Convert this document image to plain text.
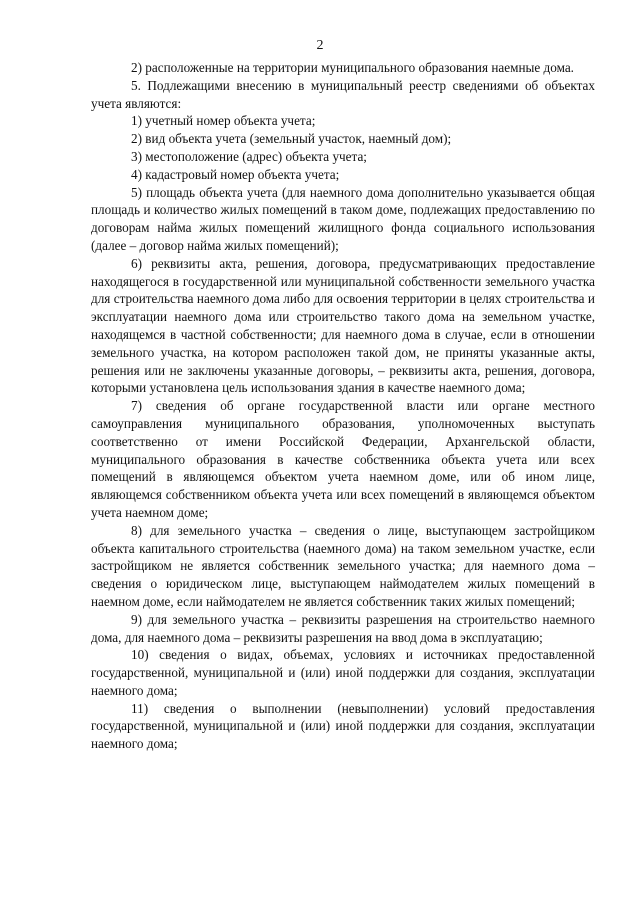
2

2) расположенные на территории муниципального образования наемные дома.

5. Подлежащими внесению в муниципальный реестр сведениями об объектах учета являются:

1) учетный номер объекта учета;

2) вид объекта учета (земельный участок, наемный дом);

3) местоположение (адрес) объекта учета;

4) кадастровый номер объекта учета;

5) площадь объекта учета (для наемного дома дополнительно указывается общая площадь и количество жилых помещений в таком доме, подлежащих предоставлению по договорам найма жилых помещений жилищного фонда социального использования (далее – договор найма жилых помещений);

6) реквизиты акта, решения, договора, предусматривающих предоставление находящегося в государственной или муниципальной собственности земельного участка для строительства наемного дома либо для освоения территории в целях строительства и эксплуатации наемного дома или строительство такого дома на земельном участке, находящемся в частной собственности; для наемного дома в случае, если в отношении земельного участка, на котором расположен такой дом, не приняты указанные акты, решения или не заключены указанные договоры, – реквизиты акта, решения, договора, которыми установлена цель использования здания в качестве наемного дома;

7) сведения об органе государственной власти или органе местного самоуправления муниципального образования, уполномоченных выступать соответственно от имени Российской Федерации, Архангельской области, муниципального образования в качестве собственника объекта учета или всех помещений в являющемся объектом учета наемном доме, или об ином лице, являющемся собственником объекта учета или всех помещений в являющемся объектом учета наемном доме;

8) для земельного участка – сведения о лице, выступающем застройщиком объекта капитального строительства (наемного дома) на таком земельном участке, если застройщиком не является собственник земельного участка; для наемного дома – сведения о юридическом лице, выступающем наймодателем жилых помещений в наемном доме, если наймодателем не является собственник таких жилых помещений;

9) для земельного участка – реквизиты разрешения на строительство наемного дома, для наемного дома – реквизиты разрешения на ввод дома в эксплуатацию;

10) сведения о видах, объемах, условиях и источниках предоставленной государственной, муниципальной и (или) иной поддержки для создания, эксплуатации наемного дома;

11) сведения о выполнении (невыполнении) условий предоставления государственной, муниципальной и (или) иной поддержки для создания, эксплуатации наемного дома;
